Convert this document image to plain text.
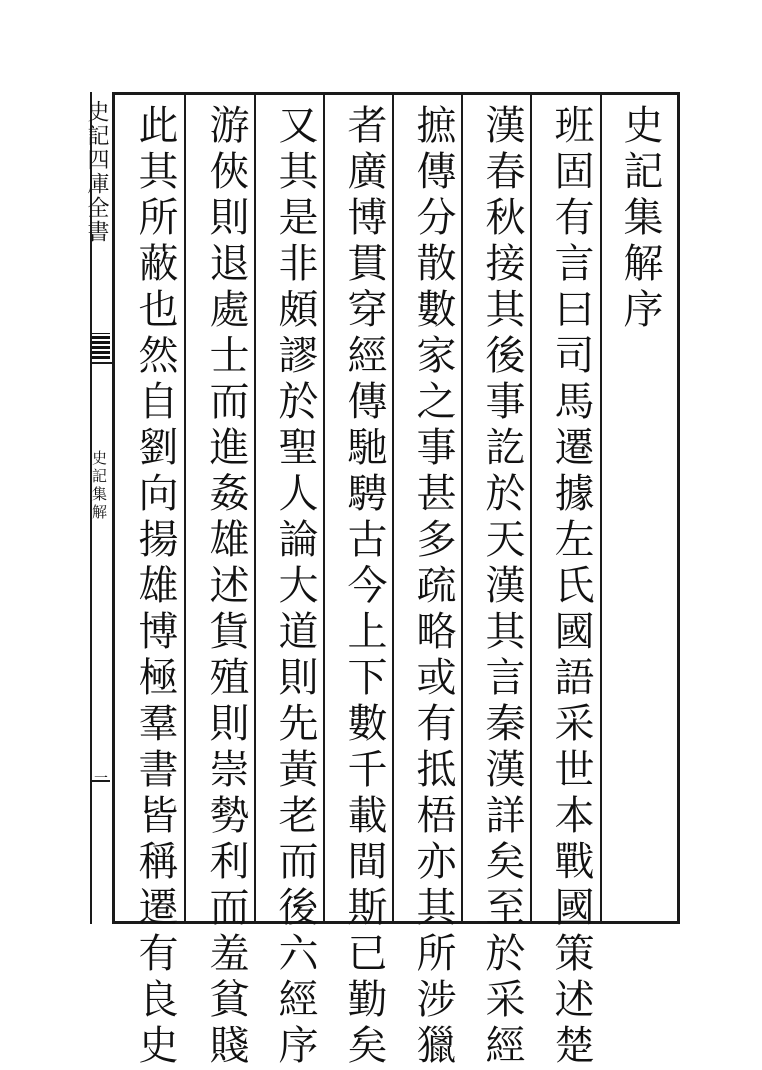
史記四庫全書
史記集解
史記集解序
班固有言曰司馬遷據左氏國語采世本戰國策述楚
漢春秋接其後事訖於天漢其言秦漢詳矣至於采經
摭傳分散數家之事甚多疏略或有抵梧亦其所涉獵
者廣博貫穿經傳馳騁古今上下數千載間斯已勤矣
又其是非頗謬於聖人論大道則先黃老而後六經序
游俠則退處士而進姦雄述貨殖則崇勢利而羞貧賤
此其所蔽也然自劉向揚雄博極羣書皆稱遷有良史
一
